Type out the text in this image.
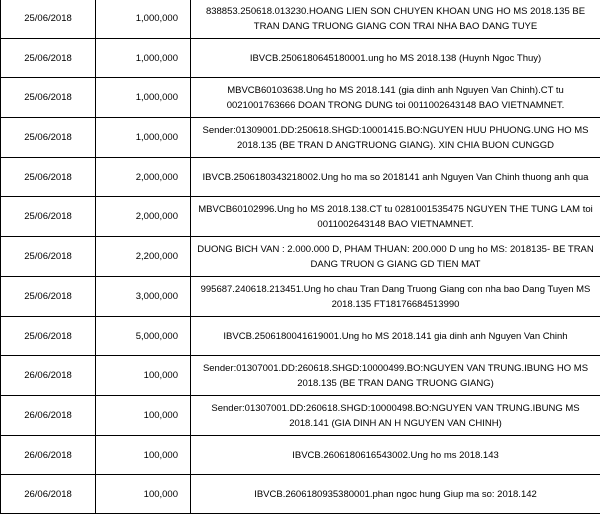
25/06/2018	1,000,000	838853.250618.013230.HOANG LIEN SON CHUYEN KHOAN UNG HO MS 2018.135 BE TRAN DANG TRUONG GIANG CON TRAI NHA BAO DANG TUYE
25/06/2018	1,000,000	IBVCB.2506180645180001.ung ho MS 2018.138 (Huynh Ngoc Thuy)
25/06/2018	1,000,000	MBVCB60103638.Ung ho MS 2018.141 (gia dinh anh Nguyen Van Chinh).CT tu 0021001763666 DOAN TRONG DUNG toi 0011002643148 BAO VIETNAMNET.
25/06/2018	1,000,000	Sender:01309001.DD:250618.SHGD:10001415.BO:NGUYEN HUU PHUONG.UNG HO MS 2018.135 (BE TRAN D ANGTRUONG GIANG). XIN CHIA BUON CUNGGD
25/06/2018	2,000,000	IBVCB.2506180343218002.Ung ho ma so 2018141 anh Nguyen Van Chinh thuong anh qua
25/06/2018	2,000,000	MBVCB60102996.Ung ho MS 2018.138.CT tu 0281001535475 NGUYEN THE TUNG LAM toi 0011002643148 BAO VIETNAMNET.
25/06/2018	2,200,000	DUONG BICH VAN : 2.000.000 D, PHAM THUAN: 200.000 D ung ho MS: 2018135- BE TRAN DANG TRUON G GIANG GD TIEN MAT
25/06/2018	3,000,000	995687.240618.213451.Ung ho chau Tran Dang Truong Giang con nha bao Dang Tuyen MS 2018.135 FT18176684513990
25/06/2018	5,000,000	IBVCB.2506180041619001.Ung ho MS 2018.141 gia dinh anh Nguyen Van Chinh
26/06/2018	100,000	Sender:01307001.DD:260618.SHGD:10000499.BO:NGUYEN VAN TRUNG.IBUNG HO MS 2018.135 (BE TRAN DANG TRUONG GIANG)
26/06/2018	100,000	Sender:01307001.DD:260618.SHGD:10000498.BO:NGUYEN VAN TRUNG.IBUNG MS 2018.141 (GIA DINH AN H NGUYEN VAN CHINH)
26/06/2018	100,000	IBVCB.2606180616543002.Ung ho ms 2018.143
26/06/2018	100,000	IBVCB.2606180935380001.phan ngoc hung Giup ma so: 2018.142
